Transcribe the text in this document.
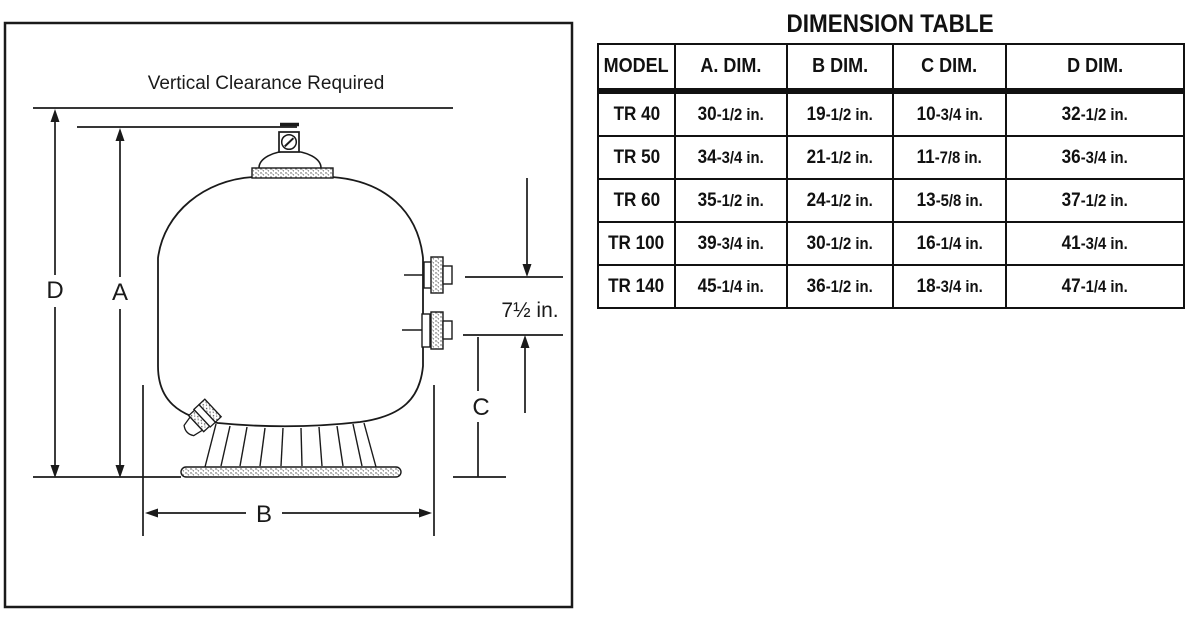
Vertical Clearance Required
D A
7½ in.
C
B
DIMENSION TABLE
MODEL	A. DIM.	B DIM.	C DIM.	D DIM.
TR 40	30-1/2 in.	19-1/2 in.	10-3/4 in.	32-1/2 in.
TR 50	34-3/4 in.	21-1/2 in.	11-7/8 in.	36-3/4 in.
TR 60	35-1/2 in.	24-1/2 in.	13-5/8 in.	37-1/2 in.
TR 100	39-3/4 in.	30-1/2 in.	16-1/4 in.	41-3/4 in.
TR 140	45-1/4 in.	36-1/2 in.	18-3/4 in.	47-1/4 in.
